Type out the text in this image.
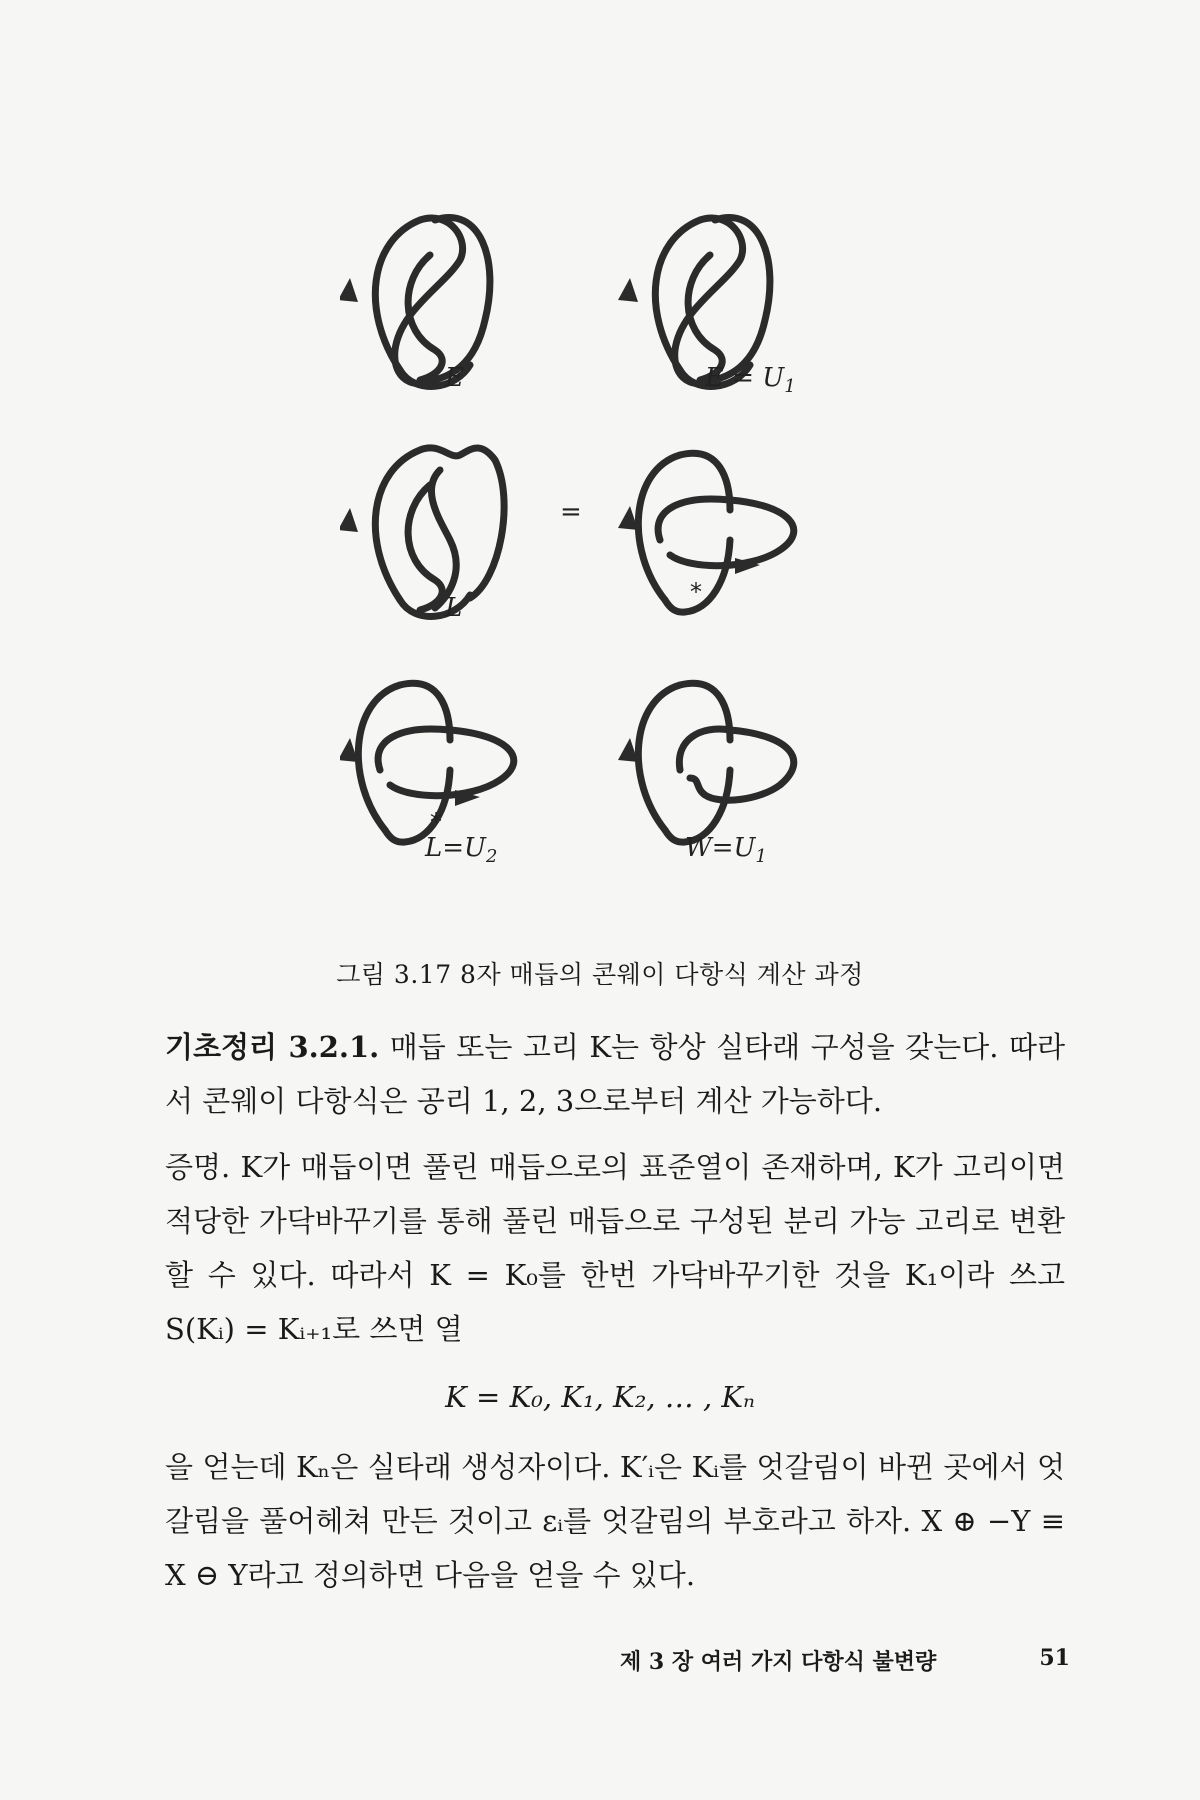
E	$E = U_1$
L
=
*
*
$L=U_2$	$W=U_1$
그림 3.17 8자 매듭의 콘웨이 다항식 계산 과정

기초정리 3.2.1. 매듭 또는 고리 K는 항상 실타래 구성을 갖는다. 따라서 콘웨이 다항식은 공리 1, 2, 3으로부터 계산 가능하다.

증명. K가 매듭이면 풀린 매듭으로의 표준열이 존재하며, K가 고리이면 적당한 가닥바꾸기를 통해 풀린 매듭으로 구성된 분리 가능 고리로 변환할 수 있다. 따라서 K = K₀를 한번 가닥바꾸기한 것을 K₁이라 쓰고 S(Kᵢ) = Kᵢ₊₁로 쓰면 열

K = K₀, K₁, K₂, … , Kₙ

을 얻는데 Kₙ은 실타래 생성자이다. K′ᵢ은 Kᵢ를 엇갈림이 바뀐 곳에서 엇갈림을 풀어헤쳐 만든 것이고 εᵢ를 엇갈림의 부호라고 하자. X ⊕ −Y ≡ X ⊖ Y라고 정의하면 다음을 얻을 수 있다.

제 3 장 여러 가지 다항식 불변량	51
